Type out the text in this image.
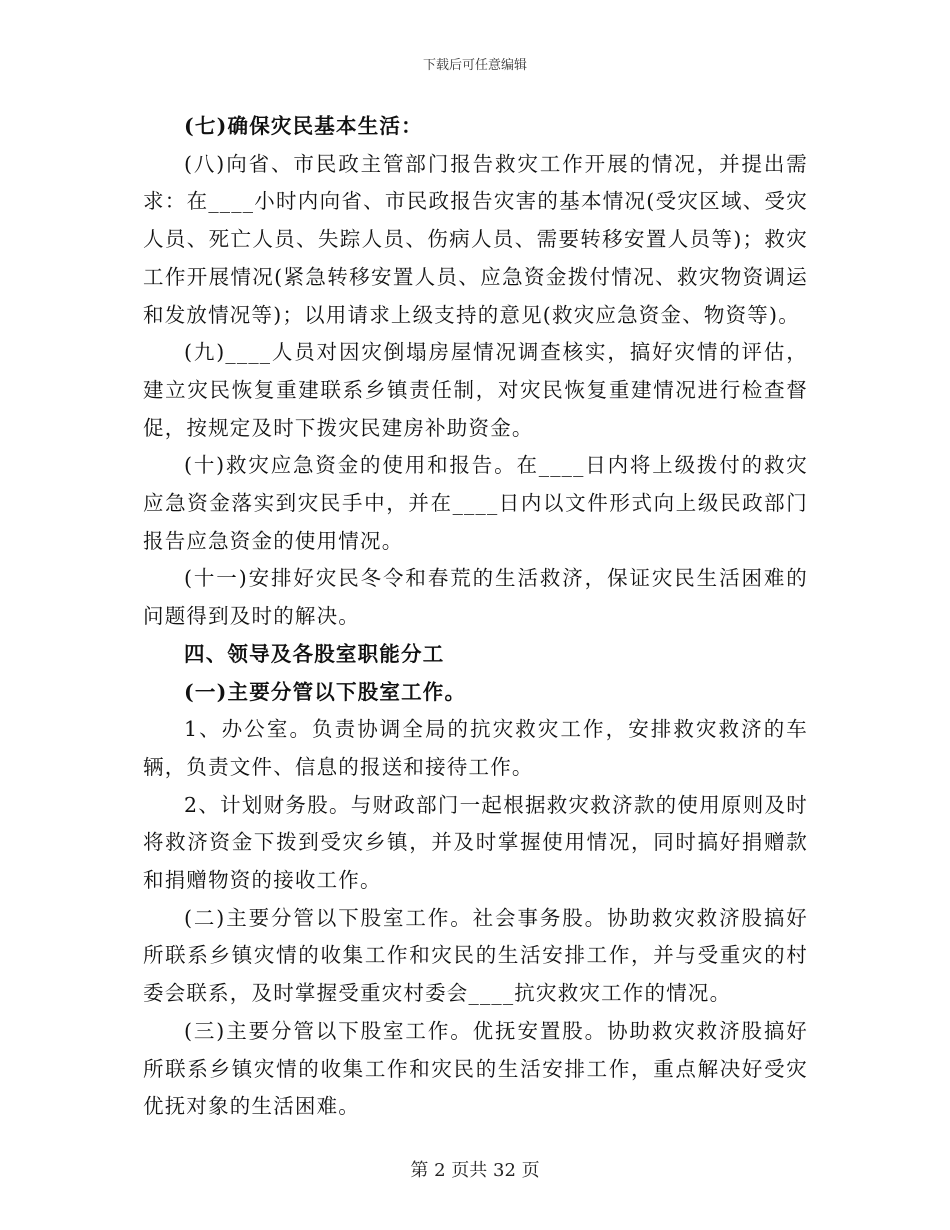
下载后可任意编辑

(七)确保灾民基本生活：

(八)向省、市民政主管部门报告救灾工作开展的情况，并提出需求：在____小时内向省、市民政报告灾害的基本情况(受灾区域、受灾人员、死亡人员、失踪人员、伤病人员、需要转移安置人员等)；救灾工作开展情况(紧急转移安置人员、应急资金拨付情况、救灾物资调运和发放情况等)；以用请求上级支持的意见(救灾应急资金、物资等)。

(九)____人员对因灾倒塌房屋情况调查核实，搞好灾情的评估，建立灾民恢复重建联系乡镇责任制，对灾民恢复重建情况进行检查督促，按规定及时下拨灾民建房补助资金。

(十)救灾应急资金的使用和报告。在____日内将上级拨付的救灾应急资金落实到灾民手中，并在____日内以文件形式向上级民政部门报告应急资金的使用情况。

(十一)安排好灾民冬令和春荒的生活救济，保证灾民生活困难的问题得到及时的解决。

四、领导及各股室职能分工

(一)主要分管以下股室工作。

1、办公室。负责协调全局的抗灾救灾工作，安排救灾救济的车辆，负责文件、信息的报送和接待工作。

2、计划财务股。与财政部门一起根据救灾救济款的使用原则及时将救济资金下拨到受灾乡镇，并及时掌握使用情况，同时搞好捐赠款和捐赠物资的接收工作。

(二)主要分管以下股室工作。社会事务股。协助救灾救济股搞好所联系乡镇灾情的收集工作和灾民的生活安排工作，并与受重灾的村委会联系，及时掌握受重灾村委会____抗灾救灾工作的情况。

(三)主要分管以下股室工作。优抚安置股。协助救灾救济股搞好所联系乡镇灾情的收集工作和灾民的生活安排工作，重点解决好受灾优抚对象的生活困难。

第 2 页共 32 页
